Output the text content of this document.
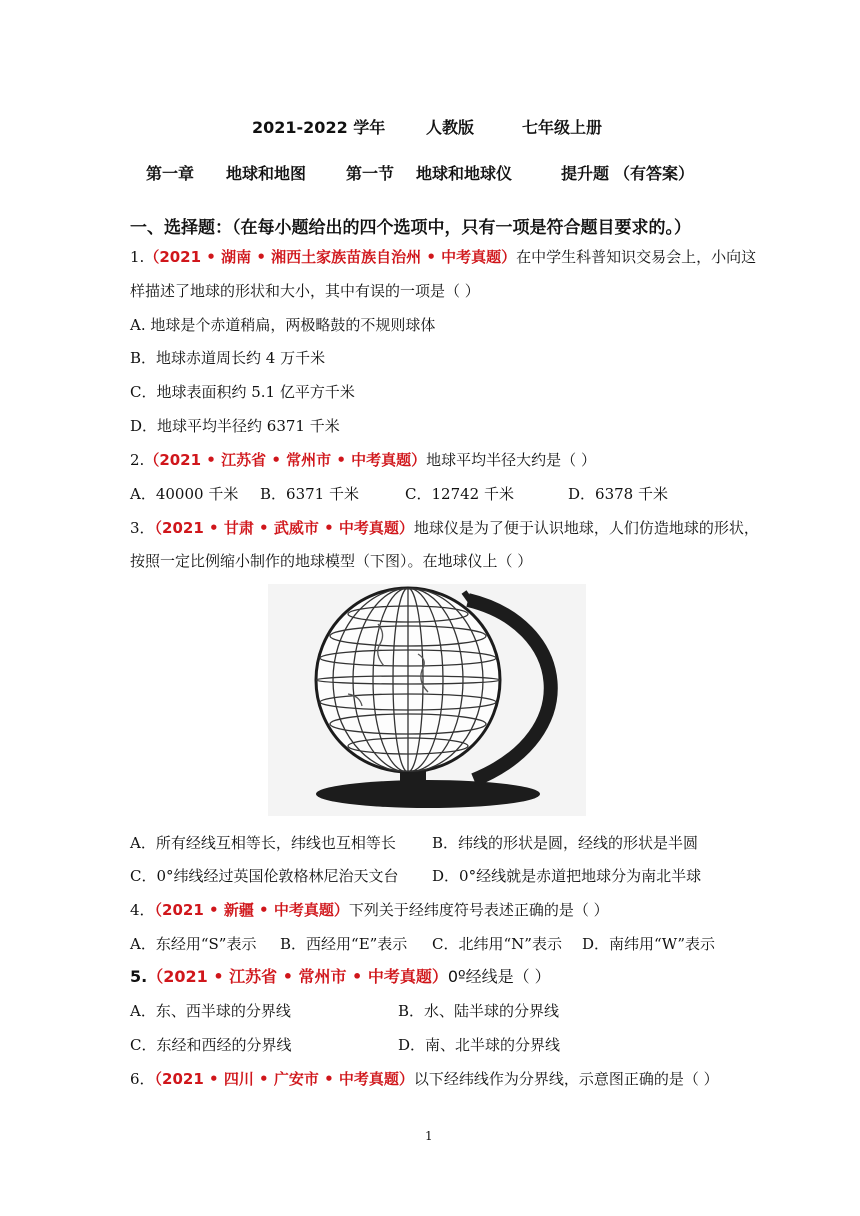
2021-2022 学年	人教版	七年级上册
第一章 地球和地图 第一节 地球和地球仪	提升题 （有答案）
一、选择题：（在每小题给出的四个选项中，只有一项是符合题目要求的。）
1.（2021 • 湖南 • 湘西土家族苗族自治州 • 中考真题）在中学生科普知识交易会上，小向这
样描述了地球的形状和大小，其中有误的一项是（ ）
A. 地球是个赤道稍扁，两极略鼓的不规则球体
B．地球赤道周长约 4 万千米
C．地球表面积约 5.1 亿平方千米
D．地球平均半径约 6371 千米
2.（2021 • 江苏省 • 常州市 • 中考真题）地球平均半径大约是（ ）
A．40000 千米 B．6371 千米	C．12742 千米	D．6378 千米
3．（2021 • 甘肃 • 武威市 • 中考真题）地球仪是为了便于认识地球，人们仿造地球的形状，
按照一定比例缩小制作的地球模型（下图）。在地球仪上（ ）
A．所有经线互相等长，纬线也互相等长 B．纬线的形状是圆，经线的形状是半圆
C．0°纬线经过英国伦敦格林尼治天文台 D．0°经线就是赤道把地球分为南北半球
4．（2021 • 新疆 • 中考真题）下列关于经纬度符号表述正确的是（ ）
A．东经用“S”表示 B．西经用“E”表示 C．北纬用“N”表示 D．南纬用“W”表示
5.（2021 • 江苏省 • 常州市 • 中考真题）0º经线是（ ）
A．东、西半球的分界线	B．水、陆半球的分界线
C．东经和西经的分界线	D．南、北半球的分界线
6．（2021 • 四川 • 广安市 • 中考真题）以下经纬线作为分界线，示意图正确的是（ ）
1
